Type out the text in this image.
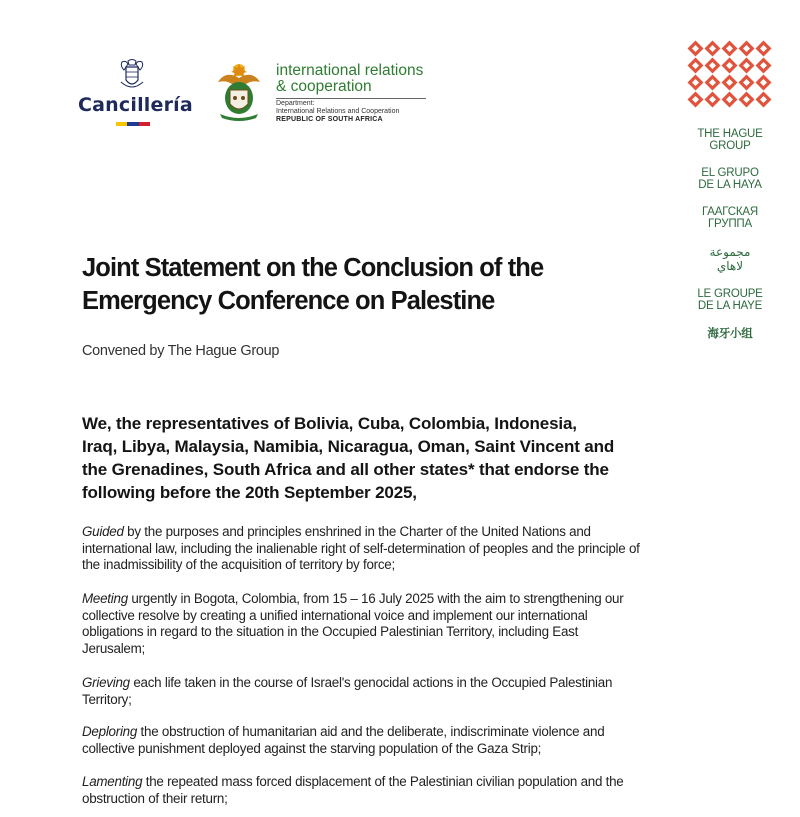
Cancillería
international relations
& cooperation
Department:
International Relations and Cooperation
REPUBLIC OF SOUTH AFRICA
THE HAGUE
GROUP
EL GRUPO
DE LA HAYA
ГААГСКАЯ
ГРУППА
مجموعة
لاهاي
LE GROUPE
DE LA HAYE
海牙小组
Joint Statement on the Conclusion of the
Emergency Conference on Palestine
Convened by The Hague Group
We, the representatives of Bolivia, Cuba, Colombia, Indonesia,
Iraq, Libya, Malaysia, Namibia, Nicaragua, Oman, Saint Vincent and
the Grenadines, South Africa and all other states* that endorse the
following before the 20th September 2025,
Guided by the purposes and principles enshrined in the Charter of the United Nations and
international law, including the inalienable right of self-determination of peoples and the principle of
the inadmissibility of the acquisition of territory by force;
Meeting urgently in Bogota, Colombia, from 15 – 16 July 2025 with the aim to strengthening our
collective resolve by creating a unified international voice and implement our international
obligations in regard to the situation in the Occupied Palestinian Territory, including East
Jerusalem;
Grieving each life taken in the course of Israel's genocidal actions in the Occupied Palestinian
Territory;
Deploring the obstruction of humanitarian aid and the deliberate, indiscriminate violence and
collective punishment deployed against the starving population of the Gaza Strip;
Lamenting the repeated mass forced displacement of the Palestinian civilian population and the
obstruction of their return;
